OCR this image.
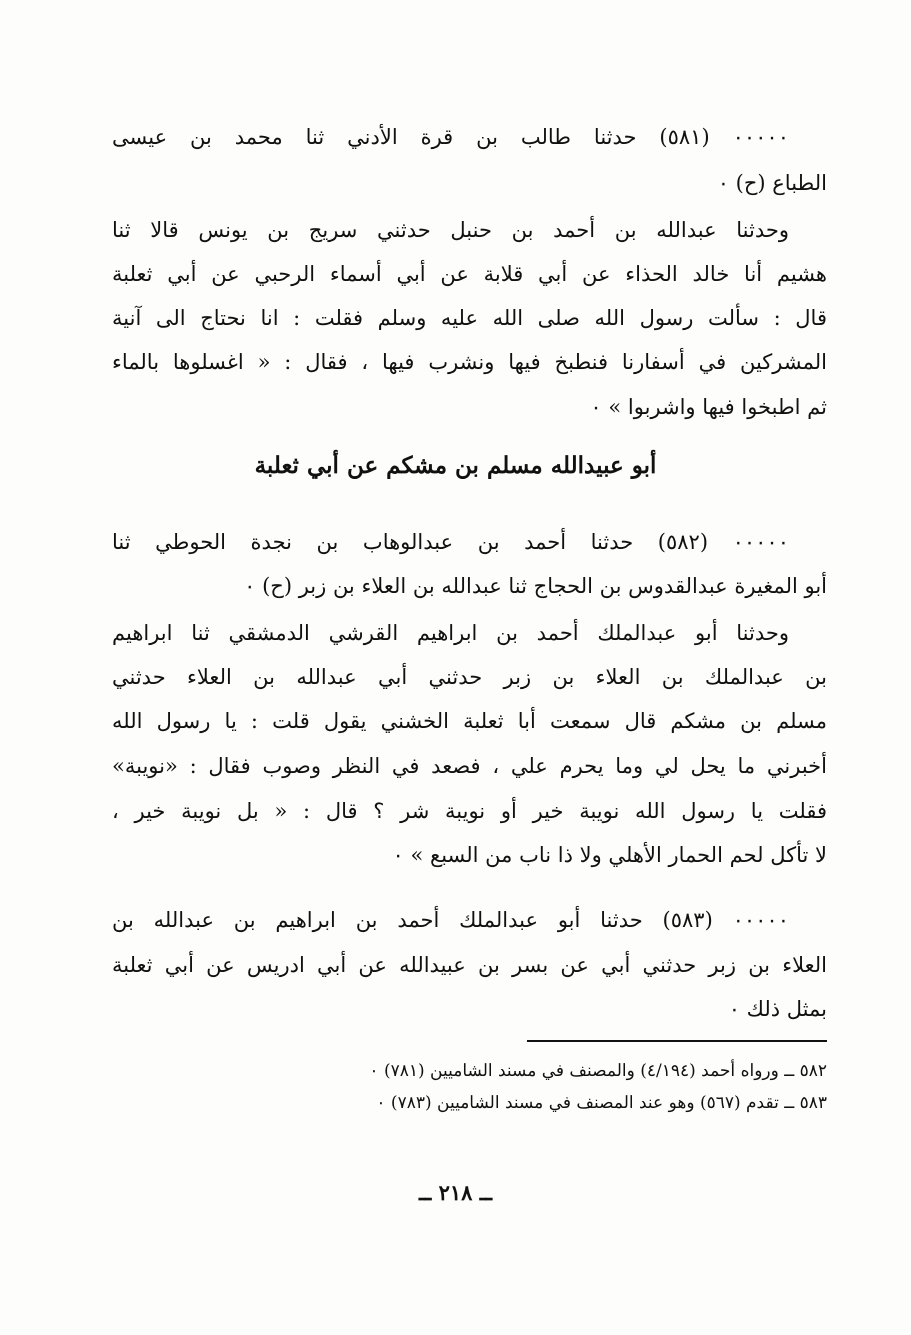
٠٠٠٠٠ (٥٨١) حدثنا طالب بن قرة الأدني ثنا محمد بن عيسى
الطباع (ح) ٠
وحدثنا عبدالله بن أحمد بن حنبل حدثني سريج بن يونس قالا ثنا
هشيم أنا خالد الحذاء عن أبي قلابة عن أبي أسماء الرحبي عن أبي ثعلبة
قال : سألت رسول الله صلى الله عليه وسلم فقلت : انا نحتاج الى آنية
المشركين في أسفارنا فنطبخ فيها ونشرب فيها ، فقال : « اغسلوها بالماء
ثم اطبخوا فيها واشربوا » ٠
أبو عبيدالله مسلم بن مشكم عن أبي ثعلبة
٠٠٠٠٠ (٥٨٢) حدثنا أحمد بن عبدالوهاب بن نجدة الحوطي ثنا
أبو المغيرة عبدالقدوس بن الحجاج ثنا عبدالله بن العلاء بن زبر (ح) ٠
وحدثنا أبو عبدالملك أحمد بن ابراهيم القرشي الدمشقي ثنا ابراهيم
بن عبدالملك بن العلاء بن زبر حدثني أبي عبدالله بن العلاء حدثني
مسلم بن مشكم قال سمعت أبا ثعلبة الخشني يقول قلت : يا رسول الله
أخبرني ما يحل لي وما يحرم علي ، فصعد في النظر وصوب فقال : «نويبة»
فقلت يا رسول الله نويبة خير أو نويبة شر ؟ قال : « بل نويبة خير ،
لا تأكل لحم الحمار الأهلي ولا ذا ناب من السبع » ٠
٠٠٠٠٠ (٥٨٣) حدثنا أبو عبدالملك أحمد بن ابراهيم بن عبدالله بن
العلاء بن زبر حدثني أبي عن بسر بن عبيدالله عن أبي ادريس عن أبي ثعلبة
بمثل ذلك ٠
٥٨٢ ــ ورواه أحمد (٤/١٩٤) والمصنف في مسند الشاميين (٧٨١) ٠
٥٨٣ ــ تقدم (٥٦٧) وهو عند المصنف في مسند الشاميين (٧٨٣) ٠
ــ ٢١٨ ــ
